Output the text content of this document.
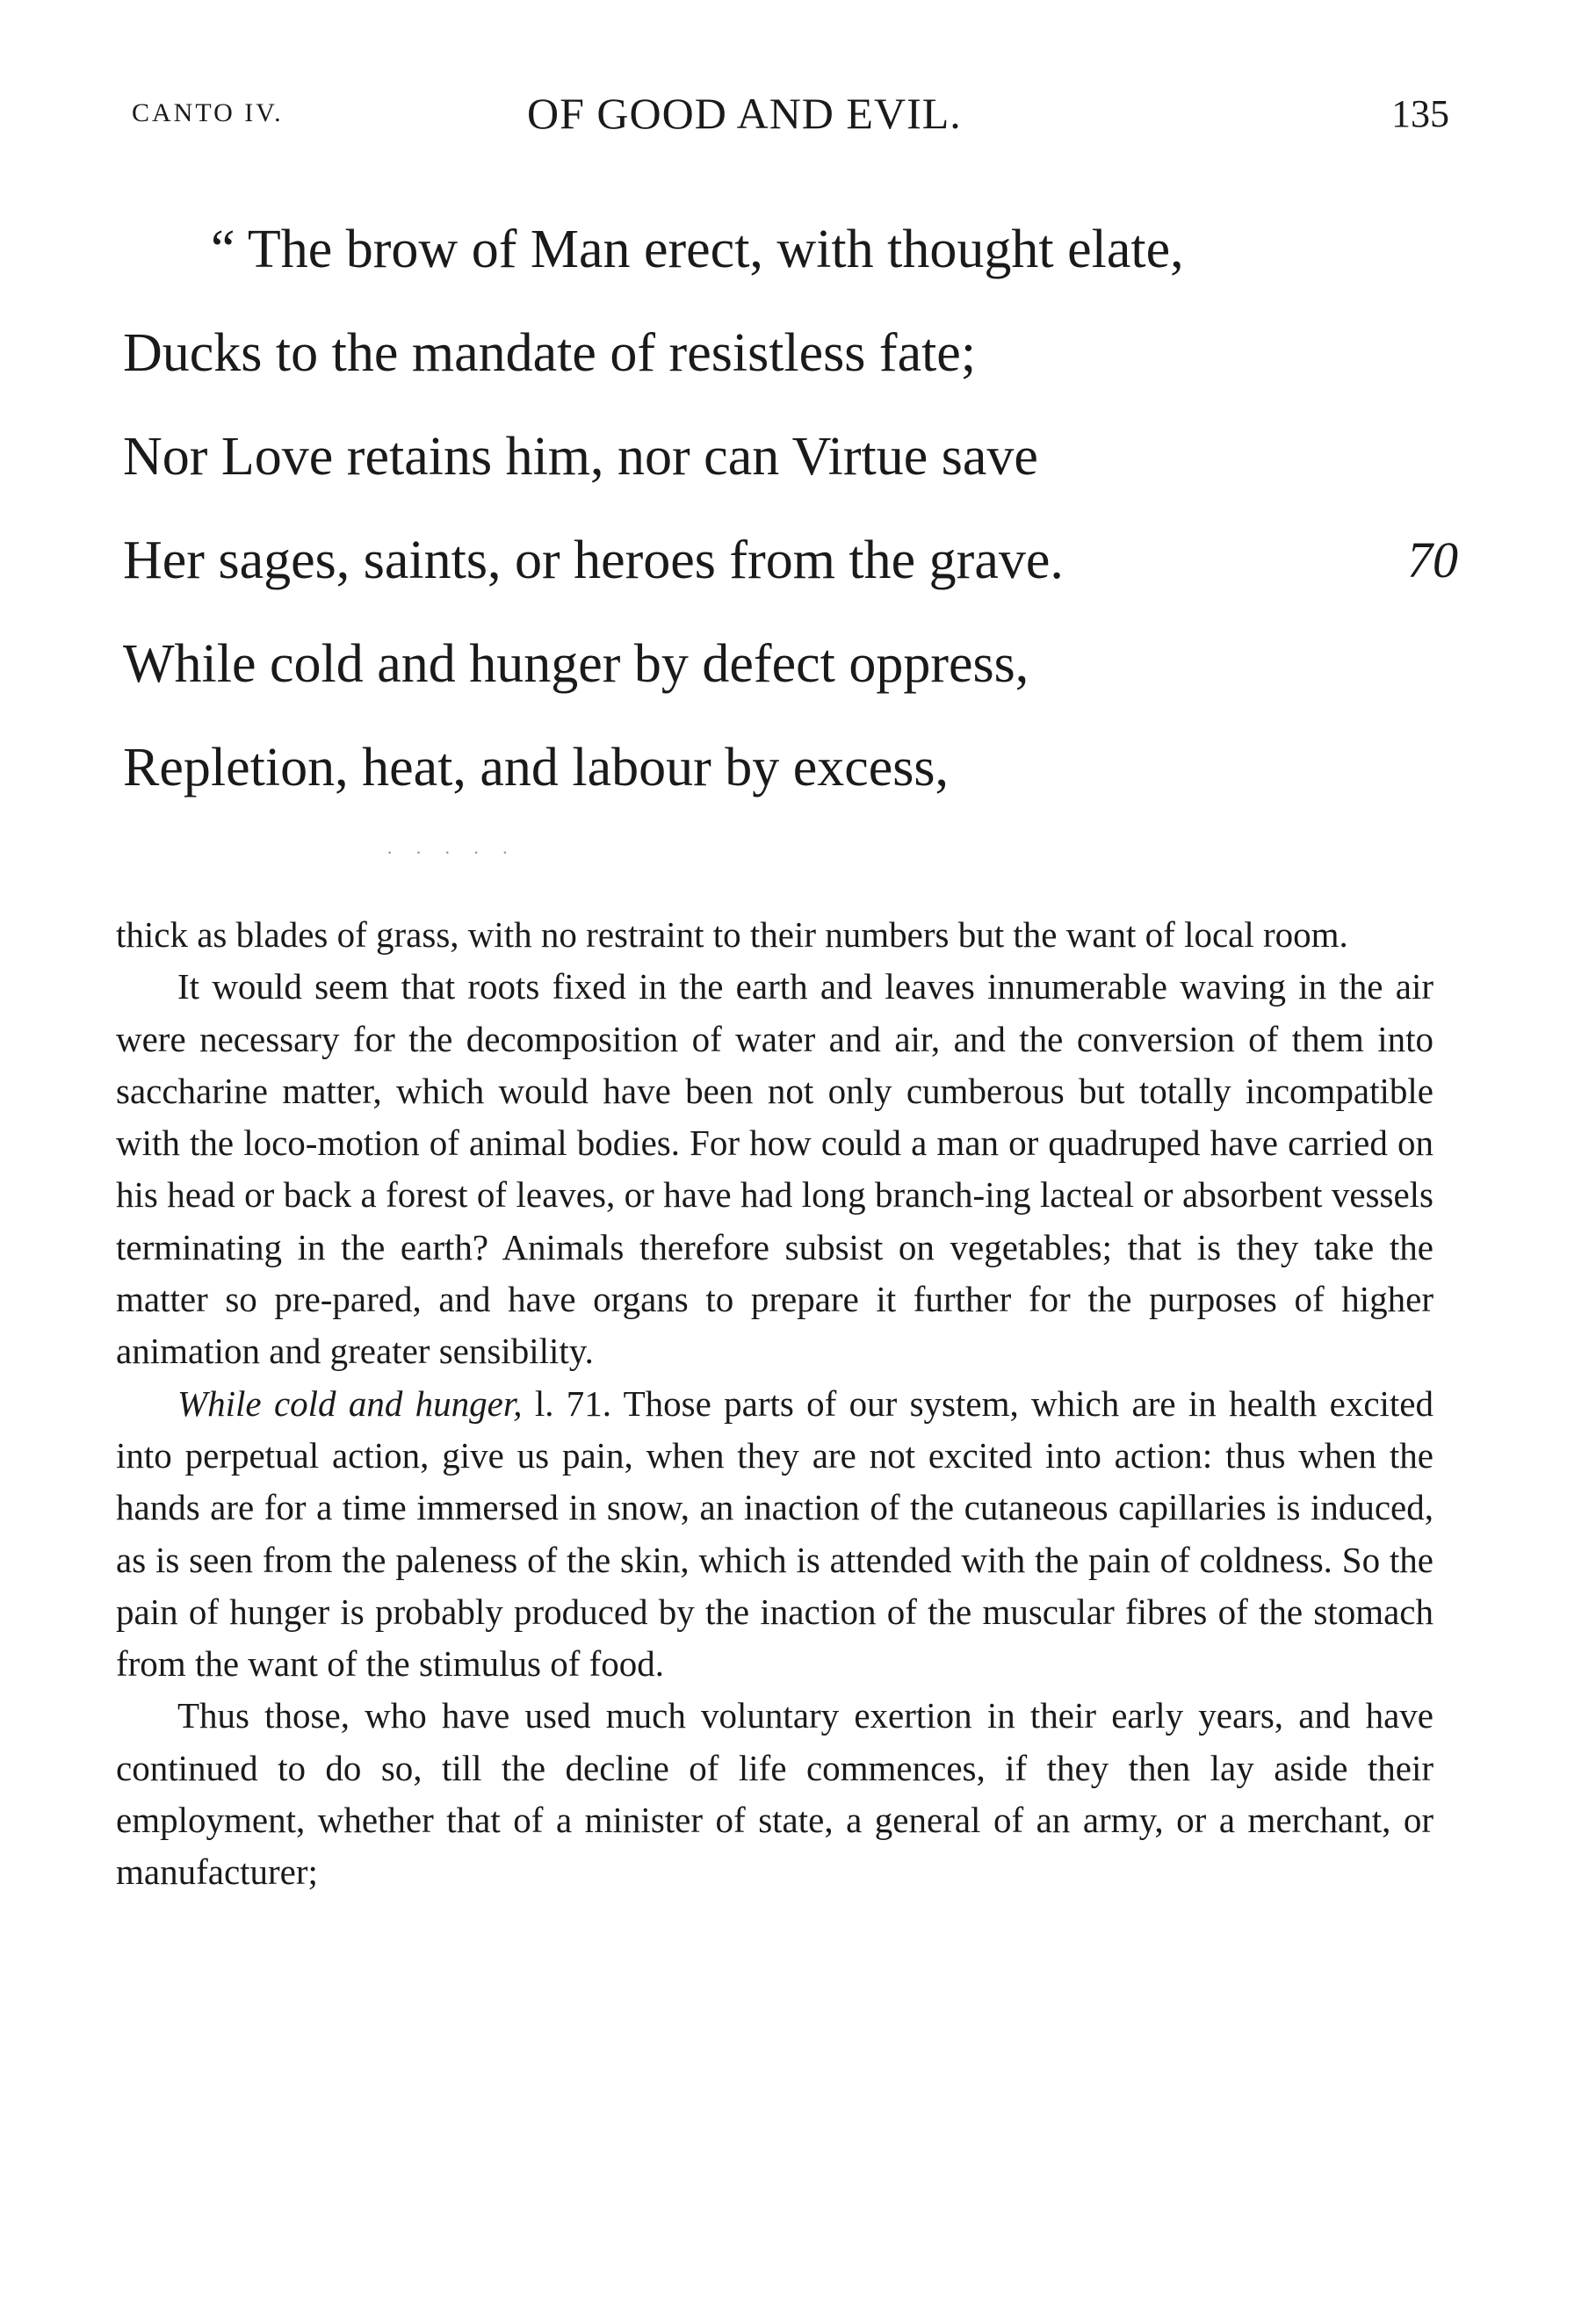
CANTO IV.	OF GOOD AND EVIL.	135
“ The brow of Man erect, with thought elate,
Ducks to the mandate of resistless fate;
Nor Love retains him, nor can Virtue save
Her sages, saints, or heroes from the grave.	70
While cold and hunger by defect oppress,
Repletion, heat, and labour by excess,
· · · · ·

thick as blades of grass, with no restraint to their numbers but the want of local room.

It would seem that roots fixed in the earth and leaves innumerable waving in the air were necessary for the decomposition of water and air, and the conversion of them into saccharine matter, which would have been not only cumberous but totally incompatible with the loco-motion of animal bodies. For how could a man or quadruped have carried on his head or back a forest of leaves, or have had long branch-ing lacteal or absorbent vessels terminating in the earth? Animals therefore subsist on vegetables; that is they take the matter so pre-pared, and have organs to prepare it further for the purposes of higher animation and greater sensibility.

While cold and hunger, l. 71. Those parts of our system, which are in health excited into perpetual action, give us pain, when they are not excited into action: thus when the hands are for a time immersed in snow, an inaction of the cutaneous capillaries is induced, as is seen from the paleness of the skin, which is attended with the pain of coldness. So the pain of hunger is probably produced by the inaction of the muscular fibres of the stomach from the want of the stimulus of food.

Thus those, who have used much voluntary exertion in their early years, and have continued to do so, till the decline of life commences, if they then lay aside their employment, whether that of a minister of state, a general of an army, or a merchant, or manufacturer;
